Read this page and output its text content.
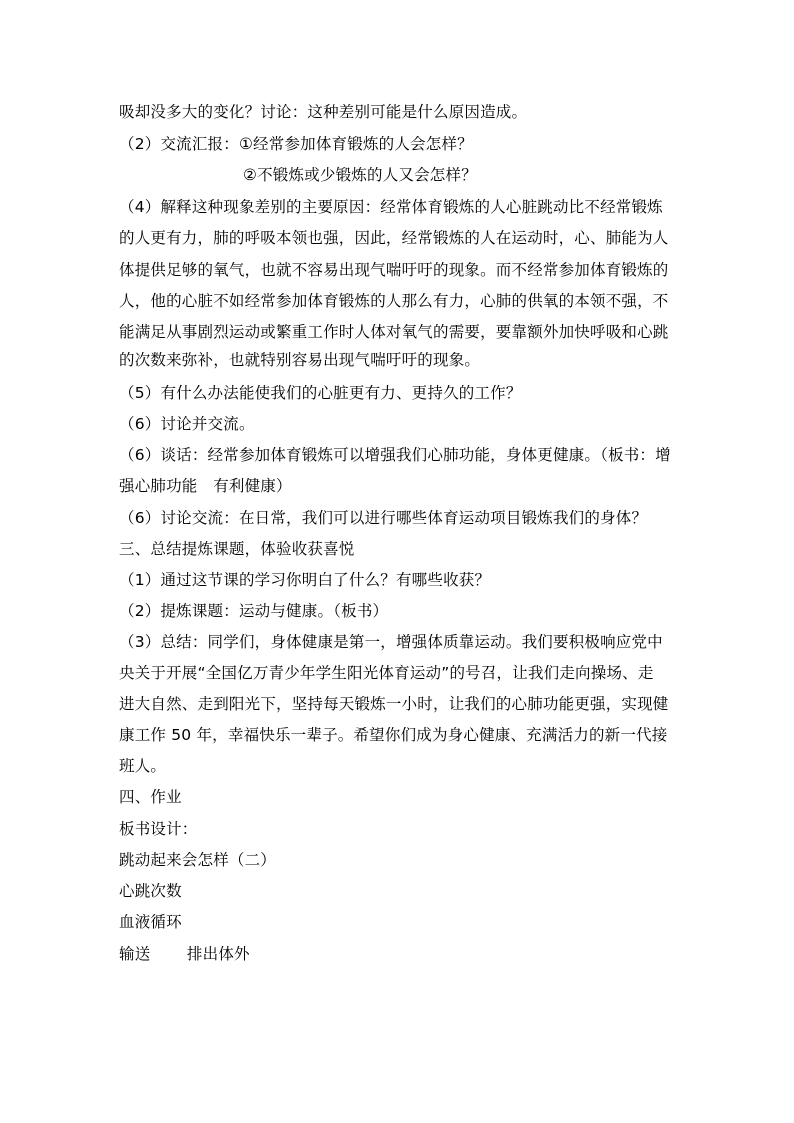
吸却没多大的变化？讨论：这种差别可能是什么原因造成。
（2）交流汇报：①经常参加体育锻炼的人会怎样？
②不锻炼或少锻炼的人又会怎样？
（4）解释这种现象差别的主要原因：经常体育锻炼的人心脏跳动比不经常锻炼
的人更有力，肺的呼吸本领也强，因此，经常锻炼的人在运动时，心、肺能为人
体提供足够的氧气，也就不容易出现气喘吁吁的现象。而不经常参加体育锻炼的
人，他的心脏不如经常参加体育锻炼的人那么有力，心肺的供氧的本领不强，不
能满足从事剧烈运动或繁重工作时人体对氧气的需要，要靠额外加快呼吸和心跳
的次数来弥补，也就特别容易出现气喘吁吁的现象。
（5）有什么办法能使我们的心脏更有力、更持久的工作？
（6）讨论并交流。
（6）谈话：经常参加体育锻炼可以增强我们心肺功能，身体更健康。（板书：增
强心肺功能　有利健康）
（6）讨论交流：在日常，我们可以进行哪些体育运动项目锻炼我们的身体？
三、总结提炼课题，体验收获喜悦
（1）通过这节课的学习你明白了什么？有哪些收获？
（2）提炼课题：运动与健康。（板书）
（3）总结：同学们，身体健康是第一，增强体质靠运动。我们要积极响应党中
央关于开展“全国亿万青少年学生阳光体育运动”的号召，让我们走向操场、走
进大自然、走到阳光下，坚持每天锻炼一小时，让我们的心肺功能更强，实现健
康工作 50 年，幸福快乐一辈子。希望你们成为身心健康、充满活力的新一代接
班人。
四、作业
板书设计：
跳动起来会怎样（二）
心跳次数
血液循环
输送　　 排出体外
